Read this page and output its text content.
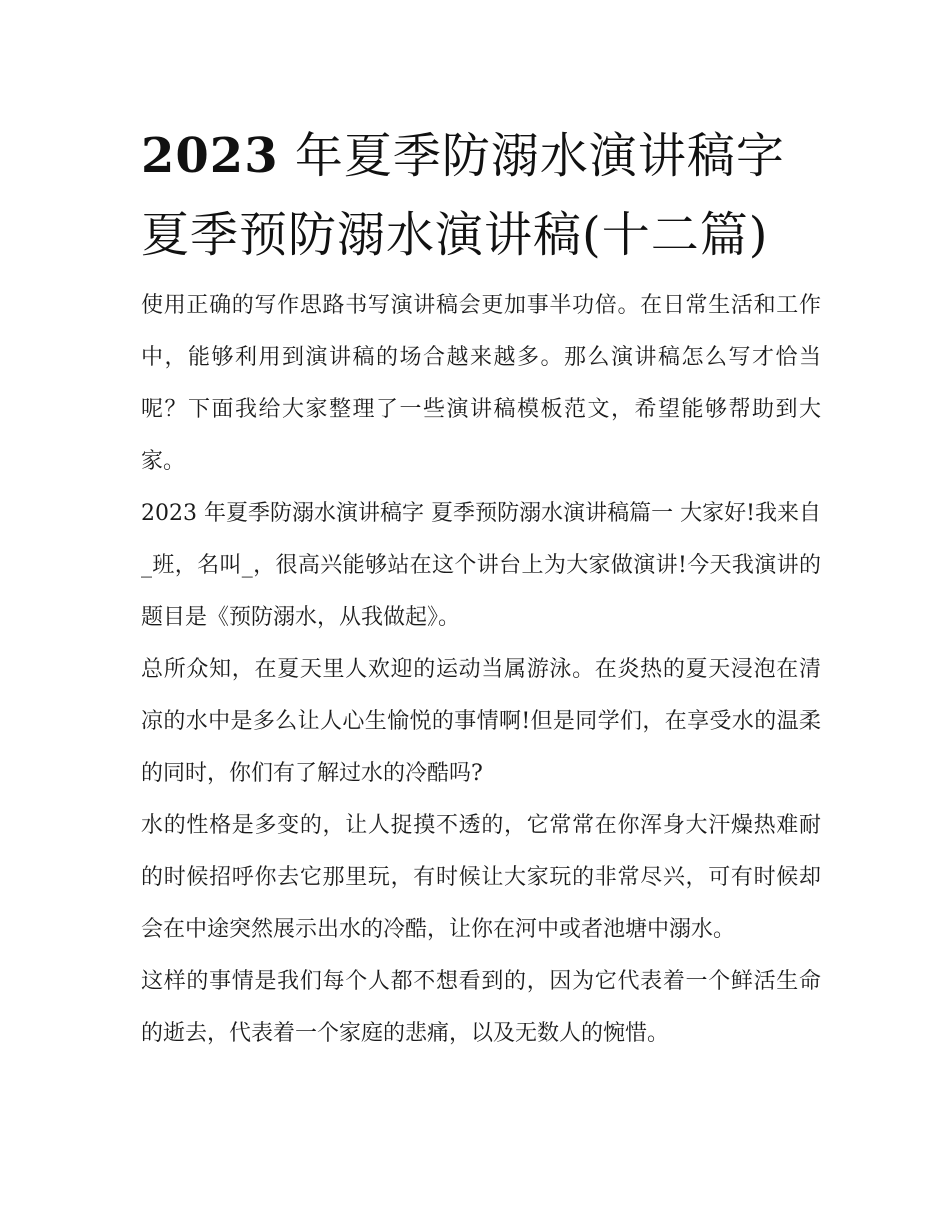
2023 年夏季防溺水演讲稿字
夏季预防溺水演讲稿(十二篇)

使用正确的写作思路书写演讲稿会更加事半功倍。在日常生活和工作中，能够利用到演讲稿的场合越来越多。那么演讲稿怎么写才恰当呢？下面我给大家整理了一些演讲稿模板范文，希望能够帮助到大家。

2023 年夏季防溺水演讲稿字 夏季预防溺水演讲稿篇一 大家好!我来自_班，名叫_，很高兴能够站在这个讲台上为大家做演讲!今天我演讲的题目是《预防溺水，从我做起》。

总所众知，在夏天里人欢迎的运动当属游泳。在炎热的夏天浸泡在清凉的水中是多么让人心生愉悦的事情啊!但是同学们，在享受水的温柔的同时，你们有了解过水的冷酷吗?

水的性格是多变的，让人捉摸不透的，它常常在你浑身大汗燥热难耐的时候招呼你去它那里玩，有时候让大家玩的非常尽兴，可有时候却会在中途突然展示出水的冷酷，让你在河中或者池塘中溺水。

这样的事情是我们每个人都不想看到的，因为它代表着一个鲜活生命的逝去，代表着一个家庭的悲痛，以及无数人的惋惜。
